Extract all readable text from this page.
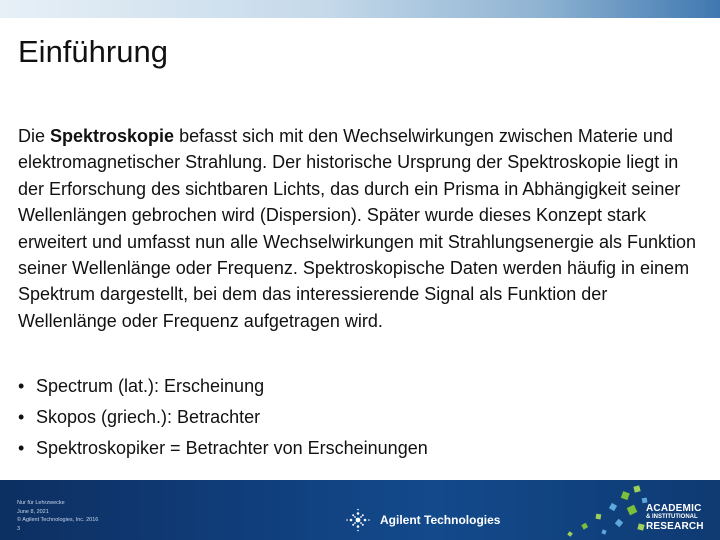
Einführung

Die Spektroskopie befasst sich mit den Wechselwirkungen zwischen Materie und elektromagnetischer Strahlung. Der historische Ursprung der Spektroskopie liegt in der Erforschung des sichtbaren Lichts, das durch ein Prisma in Abhängigkeit seiner Wellenlängen gebrochen wird (Dispersion). Später wurde dieses Konzept stark erweitert und umfasst nun alle Wechselwirkungen mit Strahlungsenergie als Funktion seiner Wellenlänge oder Frequenz. Spektroskopische Daten werden häufig in einem Spektrum dargestellt, bei dem das interessierende Signal als Funktion der Wellenlänge oder Frequenz aufgetragen wird.

• Spectrum (lat.): Erscheinung
• Skopos (griech.): Betrachter
• Spektroskopiker = Betrachter von Erscheinungen
Nur für Lehrzwecke
June 8, 2021
© Agilent Technologies, Inc. 2016
3
Agilent Technologies
ACADEMIC
& INSTITUTIONAL
RESEARCH
